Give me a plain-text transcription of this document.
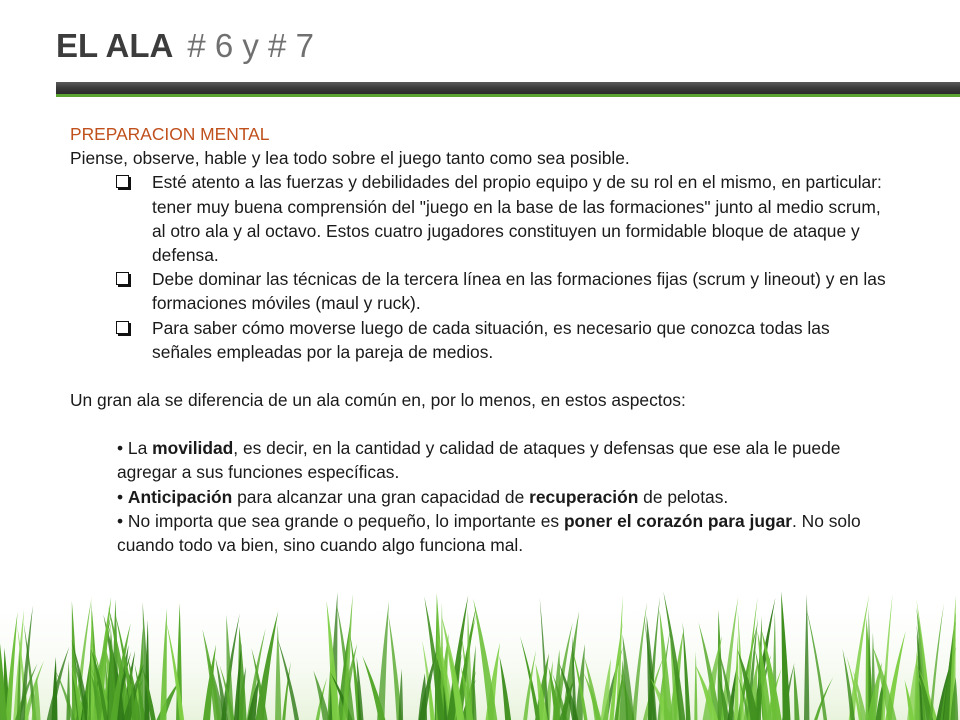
EL ALA # 6 y # 7
PREPARACION MENTAL

Piense, observe, hable y lea todo sobre el juego tanto como sea posible.

Esté atento a las fuerzas y debilidades del propio equipo y de su rol en el mismo, en particular: tener muy buena comprensión del "juego en la base de las formaciones" junto al medio scrum, al otro ala y al octavo. Estos cuatro jugadores constituyen un formidable bloque de ataque y defensa.
Debe dominar las técnicas de la tercera línea en las formaciones fijas (scrum y lineout) y en las formaciones móviles (maul y ruck).
Para saber cómo moverse luego de cada situación, es necesario que conozca todas las señales empleadas por la pareja de medios.

Un gran ala se diferencia de un ala común en, por lo menos, en estos aspectos:

• La movilidad, es decir, en la cantidad y calidad de ataques y defensas que ese ala le puede agregar a sus funciones específicas.

• Anticipación para alcanzar una gran capacidad de recuperación de pelotas.

• No importa que sea grande o pequeño, lo importante es poner el corazón para jugar. No solo cuando todo va bien, sino cuando algo funciona mal.
